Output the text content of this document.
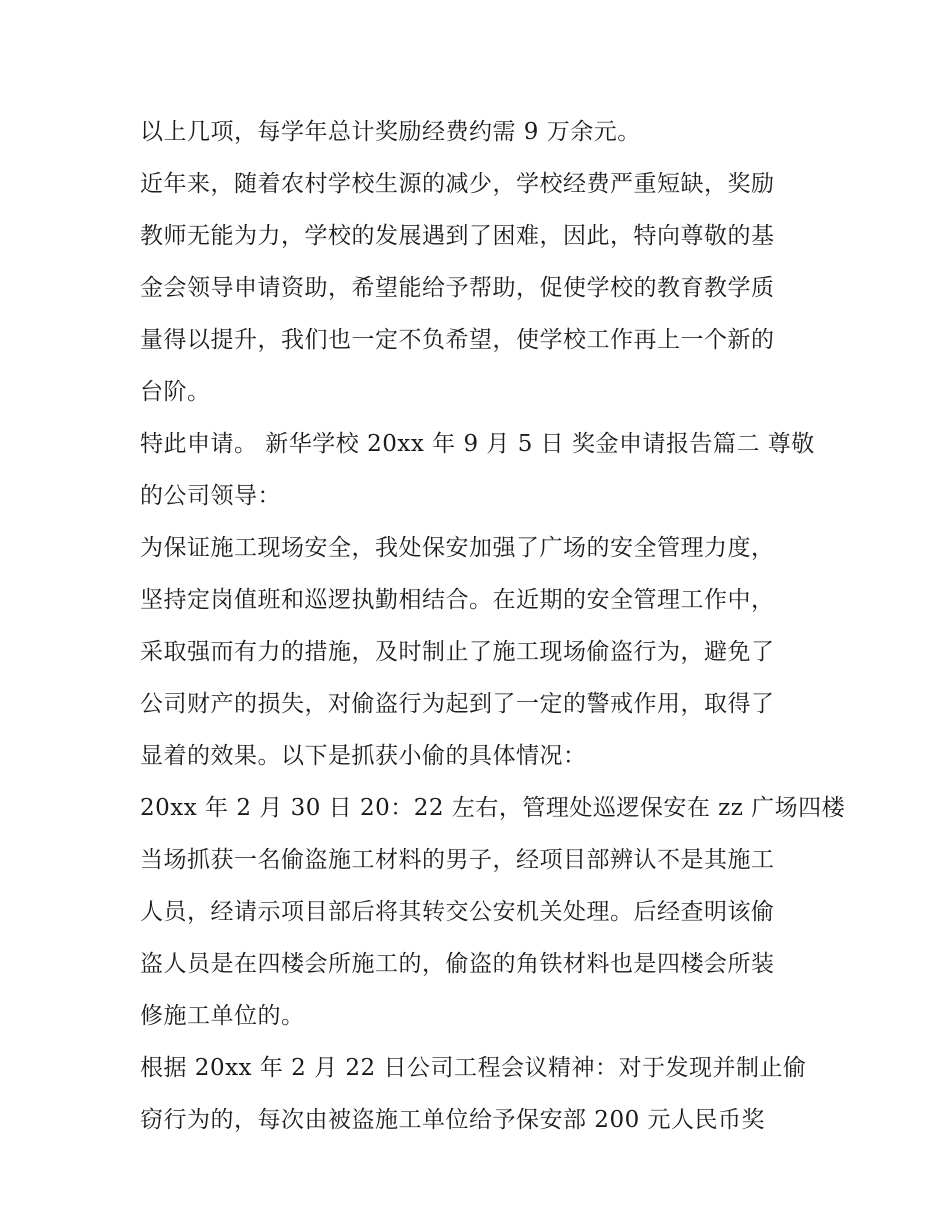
以上几项，每学年总计奖励经费约需 9 万余元。
近年来，随着农村学校生源的减少，学校经费严重短缺，奖励
教师无能为力，学校的发展遇到了困难，因此，特向尊敬的基
金会领导申请资助，希望能给予帮助，促使学校的教育教学质
量得以提升，我们也一定不负希望，使学校工作再上一个新的
台阶。
特此申请。 新华学校 20xx 年 9 月 5 日 奖金申请报告篇二 尊敬
的公司领导：
为保证施工现场安全，我处保安加强了广场的安全管理力度，
坚持定岗值班和巡逻执勤相结合。在近期的安全管理工作中，
采取强而有力的措施，及时制止了施工现场偷盗行为，避免了
公司财产的损失，对偷盗行为起到了一定的警戒作用，取得了
显着的效果。以下是抓获小偷的具体情况：
20xx 年 2 月 30 日 20：22 左右，管理处巡逻保安在 zz 广场四楼
当场抓获一名偷盗施工材料的男子，经项目部辨认不是其施工
人员，经请示项目部后将其转交公安机关处理。后经查明该偷
盗人员是在四楼会所施工的，偷盗的角铁材料也是四楼会所装
修施工单位的。
根据 20xx 年 2 月 22 日公司工程会议精神：对于发现并制止偷
窃行为的，每次由被盗施工单位给予保安部 200 元人民币奖
